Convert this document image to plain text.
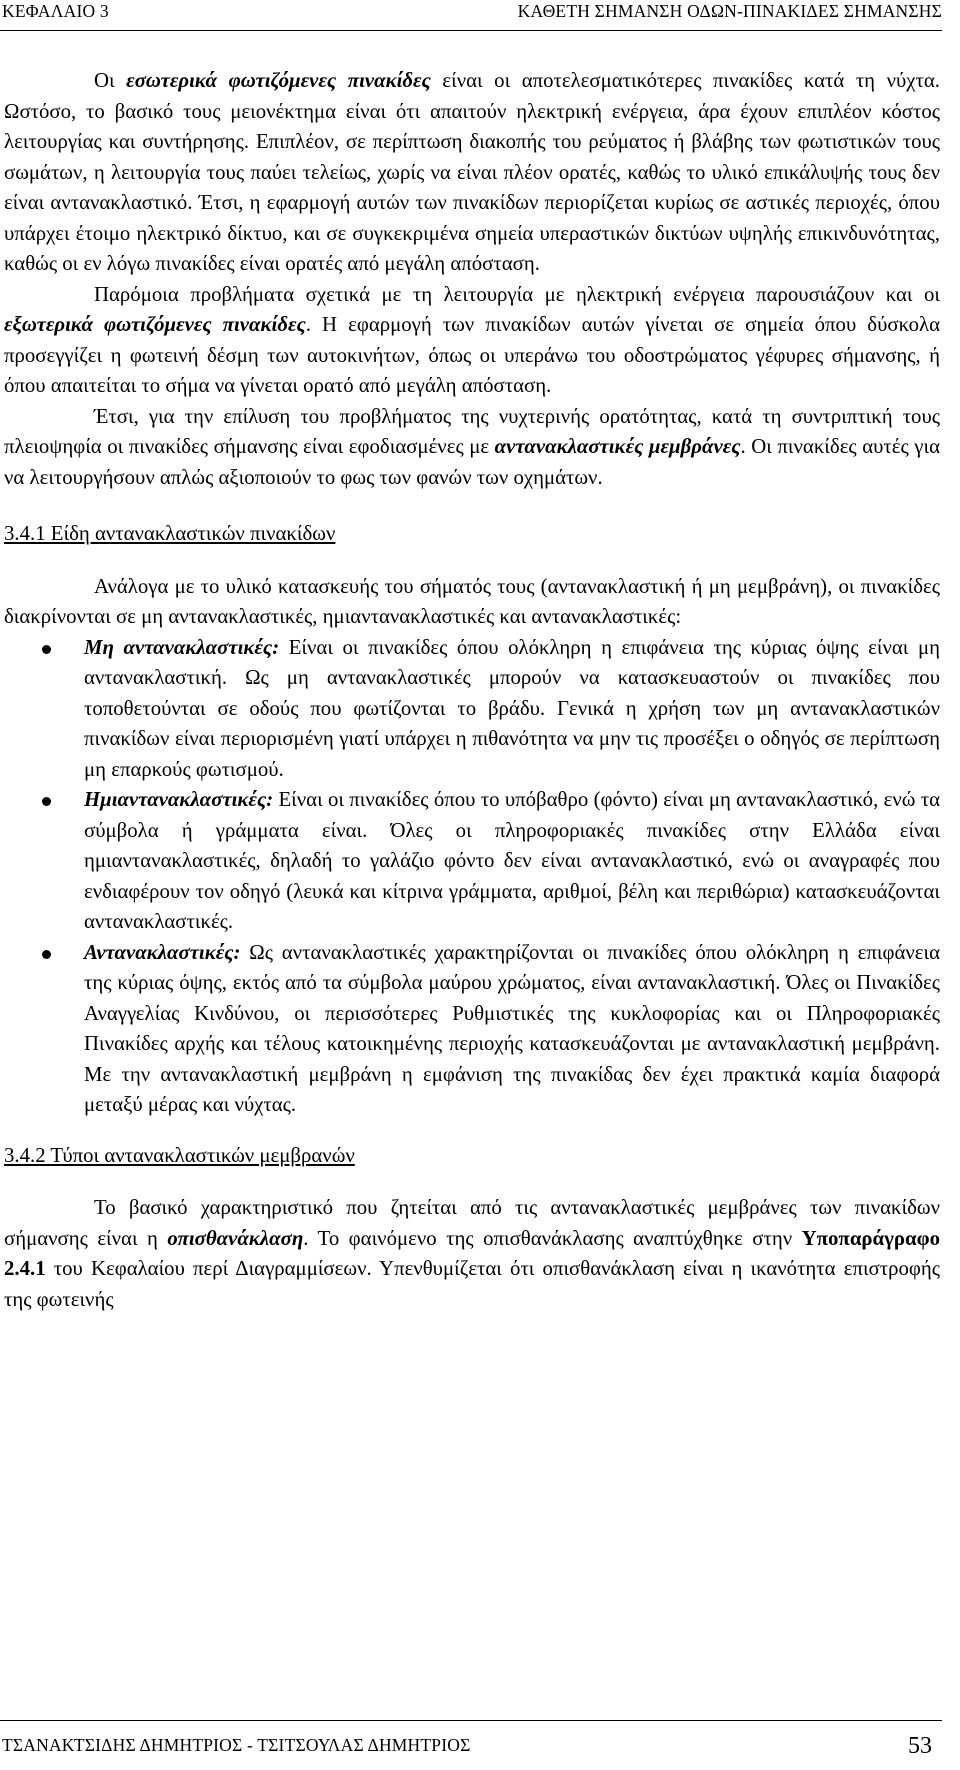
ΚΕΦΑΛΑΙΟ 3	ΚΑΘΕΤΗ ΣΗΜΑΝΣΗ ΟΔΩΝ-ΠΙΝΑΚΙΔΕΣ ΣΗΜΑΝΣΗΣ

Οι εσωτερικά φωτιζόμενες πινακίδες είναι οι αποτελεσματικότερες πινακίδες κατά τη νύχτα. Ωστόσο, το βασικό τους μειονέκτημα είναι ότι απαιτούν ηλεκτρική ενέργεια, άρα έχουν επιπλέον κόστος λειτουργίας και συντήρησης. Επιπλέον, σε περίπτωση διακοπής του ρεύματος ή βλάβης των φωτιστικών τους σωμάτων, η λειτουργία τους παύει τελείως, χωρίς να είναι πλέον ορατές, καθώς το υλικό επικάλυψής τους δεν είναι αντανακλαστικό. Έτσι, η εφαρμογή αυτών των πινακίδων περιορίζεται κυρίως σε αστικές περιοχές, όπου υπάρχει έτοιμο ηλεκτρικό δίκτυο, και σε συγκεκριμένα σημεία υπεραστικών δικτύων υψηλής επικινδυνότητας, καθώς οι εν λόγω πινακίδες είναι ορατές από μεγάλη απόσταση.

Παρόμοια προβλήματα σχετικά με τη λειτουργία με ηλεκτρική ενέργεια παρουσιάζουν και οι εξωτερικά φωτιζόμενες πινακίδες. Η εφαρμογή των πινακίδων αυτών γίνεται σε σημεία όπου δύσκολα προσεγγίζει η φωτεινή δέσμη των αυτοκινήτων, όπως οι υπεράνω του οδοστρώματος γέφυρες σήμανσης, ή όπου απαιτείται το σήμα να γίνεται ορατό από μεγάλη απόσταση.

Έτσι, για την επίλυση του προβλήματος της νυχτερινής ορατότητας, κατά τη συντριπτική τους πλειοψηφία οι πινακίδες σήμανσης είναι εφοδιασμένες με αντανακλαστικές μεμβράνες. Οι πινακίδες αυτές για να λειτουργήσουν απλώς αξιοποιούν το φως των φανών των οχημάτων.

3.4.1 Είδη αντανακλαστικών πινακίδων

Ανάλογα με το υλικό κατασκευής του σήματός τους (αντανακλαστική ή μη μεμβράνη), οι πινακίδες διακρίνονται σε μη αντανακλαστικές, ημιαντανακλαστικές και αντανακλαστικές:

Μη αντανακλαστικές: Είναι οι πινακίδες όπου ολόκληρη η επιφάνεια της κύριας όψης είναι μη αντανακλαστική. Ως μη αντανακλαστικές μπορούν να κατασκευαστούν οι πινακίδες που τοποθετούνται σε οδούς που φωτίζονται το βράδυ. Γενικά η χρήση των μη αντανακλαστικών πινακίδων είναι περιορισμένη γιατί υπάρχει η πιθανότητα να μην τις προσέξει ο οδηγός σε περίπτωση μη επαρκούς φωτισμού.
Ημιαντανακλαστικές: Είναι οι πινακίδες όπου το υπόβαθρο (φόντο) είναι μη αντανακλαστικό, ενώ τα σύμβολα ή γράμματα είναι. Όλες οι πληροφοριακές πινακίδες στην Ελλάδα είναι ημιαντανακλαστικές, δηλαδή το γαλάζιο φόντο δεν είναι αντανακλαστικό, ενώ οι αναγραφές που ενδιαφέρουν τον οδηγό (λευκά και κίτρινα γράμματα, αριθμοί, βέλη και περιθώρια) κατασκευάζονται αντανακλαστικές.
Αντανακλαστικές: Ως αντανακλαστικές χαρακτηρίζονται οι πινακίδες όπου ολόκληρη η επιφάνεια της κύριας όψης, εκτός από τα σύμβολα μαύρου χρώματος, είναι αντανακλαστική. Όλες οι Πινακίδες Αναγγελίας Κινδύνου, οι περισσότερες Ρυθμιστικές της κυκλοφορίας και οι Πληροφοριακές Πινακίδες αρχής και τέλους κατοικημένης περιοχής κατασκευάζονται με αντανακλαστική μεμβράνη. Με την αντανακλαστική μεμβράνη η εμφάνιση της πινακίδας δεν έχει πρακτικά καμία διαφορά μεταξύ μέρας και νύχτας.

3.4.2 Τύποι αντανακλαστικών μεμβρανών

Το βασικό χαρακτηριστικό που ζητείται από τις αντανακλαστικές μεμβράνες των πινακίδων σήμανσης είναι η οπισθανάκλαση. Το φαινόμενο της οπισθανάκλασης αναπτύχθηκε στην Υποπαράγραφο 2.4.1 του Κεφαλαίου περί Διαγραμμίσεων. Υπενθυμίζεται ότι οπισθανάκλαση είναι η ικανότητα επιστροφής της φωτεινής

ΤΣΑΝΑΚΤΣΙΔΗΣ ΔΗΜΗΤΡΙΟΣ - ΤΣΙΤΣΟΥΛΑΣ ΔΗΜΗΤΡΙΟΣ	53
